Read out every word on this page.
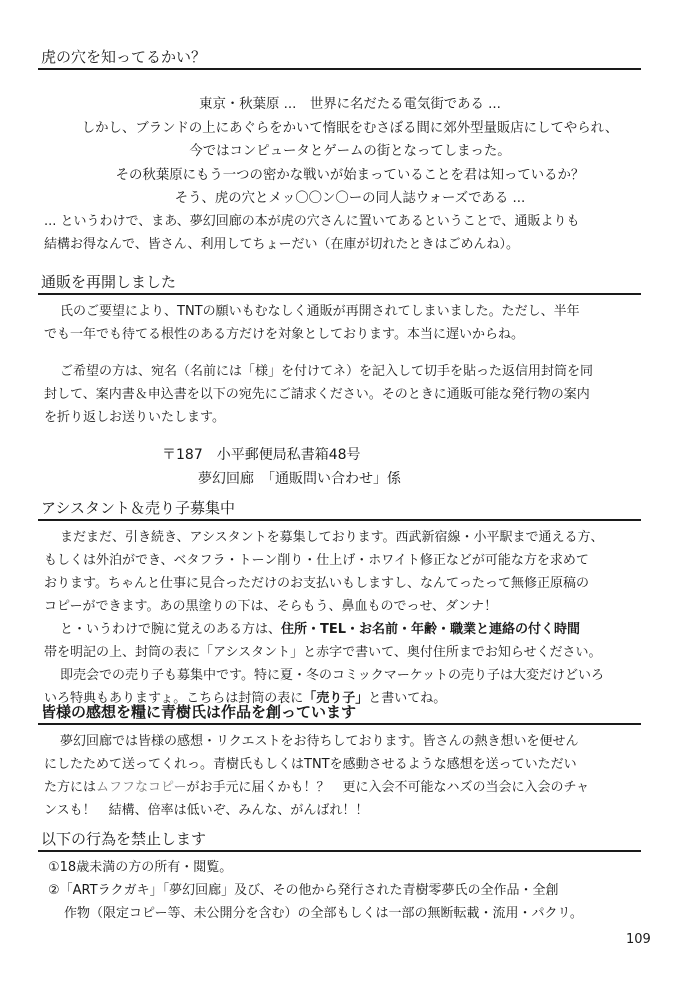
虎の穴を知ってるかい？
東京・秋葉原 ...　世界に名だたる電気街である ...
しかし、ブランドの上にあぐらをかいて惰眠をむさぼる間に郊外型量販店にしてやられ、
今ではコンピュータとゲームの街となってしまった。
その秋葉原にもう一つの密かな戦いが始まっていることを君は知っているか？
そう、虎の穴とメッ〇〇ン〇ーの同人誌ウォーズである ...
... というわけで、まあ、夢幻回廊の本が虎の穴さんに置いてあるということで、通販よりも
結構お得なんで、皆さん、利用してちょーだい（在庫が切れたときはごめんね）。
通販を再開しました
氏のご要望により、TNTの願いもむなしく通販が再開されてしまいました。ただし、半年
でも一年でも待てる根性のある方だけを対象としております。本当に遅いからね。
ご希望の方は、宛名（名前には「様」を付けてネ）を記入して切手を貼った返信用封筒を同
封して、案内書＆申込書を以下の宛先にご請求ください。そのときに通販可能な発行物の案内
を折り返しお送りいたします。
〒187　小平郵便局私書箱48号
夢幻回廊　「通販問い合わせ」係
アシスタント＆売り子募集中
まだまだ、引き続き、アシスタントを募集しております。西武新宿線・小平駅まで通える方、
もしくは外泊ができ、ベタフラ・トーン削り・仕上げ・ホワイト修正などが可能な方を求めて
おります。ちゃんと仕事に見合っただけのお支払いもしますし、なんてったって無修正原稿の
コピーができます。あの黒塗りの下は、そらもう、鼻血ものでっせ、ダンナ！
と・いうわけで腕に覚えのある方は、住所・TEL・お名前・年齢・職業と連絡の付く時間
帯を明記の上、封筒の表に「アシスタント」と赤字で書いて、奥付住所までお知らせください。
即売会での売り子も募集中です。特に夏・冬のコミックマーケットの売り子は大変だけどいろ
いろ特典もありますょ。こちらは封筒の表に「売り子」と書いてね。
皆様の感想を糧に青樹氏は作品を創っています
夢幻回廊では皆様の感想・リクエストをお待ちしております。皆さんの熱き想いを便せん
にしたためて送ってくれっ。青樹氏もしくはTNTを感動させるような感想を送っていただい
た方にはムフフなコピーがお手元に届くかも！？　更に入会不可能なハズの当会に入会のチャ
ンスも！　結構、倍率は低いぞ、みんな、がんばれ！！
以下の行為を禁止します
①18歳未満の方の所有・閲覧。
②「ARTラクガキ」「夢幻回廊」及び、その他から発行された青樹零夢氏の全作品・全創
作物（限定コピー等、未公開分を含む）の全部もしくは一部の無断転載・流用・パクリ。
109
